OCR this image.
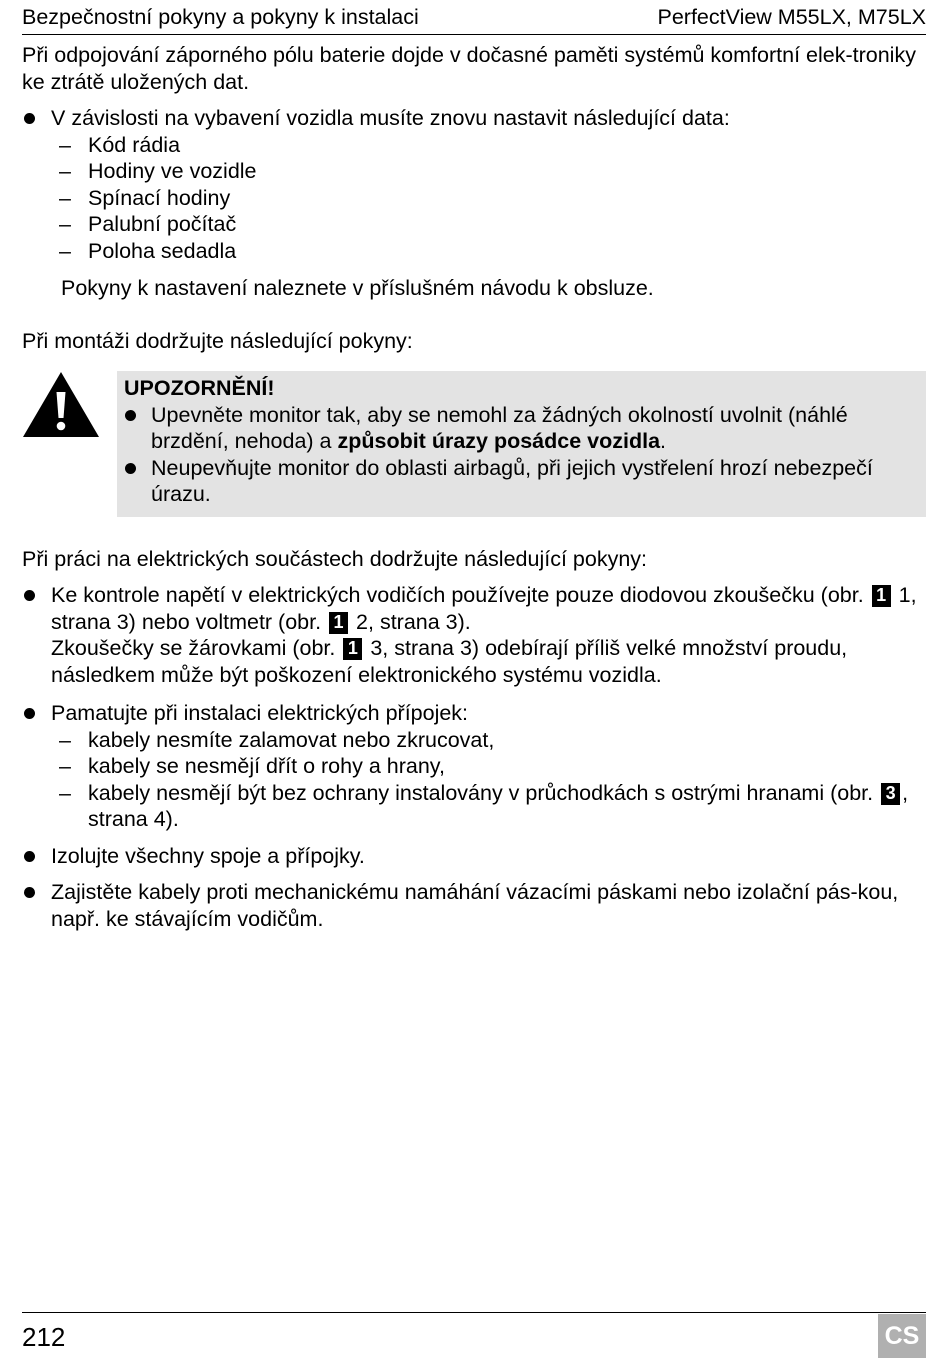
Bezpečnostní pokyny a pokyny k instalaci	PerfectView M55LX, M75LX
Při odpojování záporného pólu baterie dojde v dočasné paměti systémů komfortní elek-troniky ke ztrátě uložených dat.
V závislosti na vybavení vozidla musíte znovu nastavit následující data:
– Kód rádia
– Hodiny ve vozidle
– Spínací hodiny
– Palubní počítač
– Poloha sedadla
Pokyny k nastavení naleznete v příslušném návodu k obsluze.
Při montáži dodržujte následující pokyny:
UPOZORNĚNÍ!
Upevněte monitor tak, aby se nemohl za žádných okolností uvolnit (náhlé brzdění, nehoda) a způsobit úrazy posádce vozidla.
Neupevňujte monitor do oblasti airbagů, při jejich vystřelení hrozí nebezpečí úrazu.
Při práci na elektrických součástech dodržujte následující pokyny:
Ke kontrole napětí v elektrických vodičích používejte pouze diodovou zkoušečku (obr. 1 1, strana 3) nebo voltmetr (obr. 1 2, strana 3).
Zkoušečky se žárovkami (obr. 1 3, strana 3) odebírají příliš velké množství proudu, následkem může být poškození elektronického systému vozidla.
Pamatujte při instalaci elektrických přípojek:
– kabely nesmíte zalamovat nebo zkrucovat,
– kabely se nesmějí dřít o rohy a hrany,
– kabely nesmějí být bez ochrany instalovány v průchodkách s ostrými hranami (obr. 3 , strana 4).
Izolujte všechny spoje a přípojky.
Zajistěte kabely proti mechanickému namáhání vázacími páskami nebo izolační pás-kou, např. ke stávajícím vodičům.
212	CS
